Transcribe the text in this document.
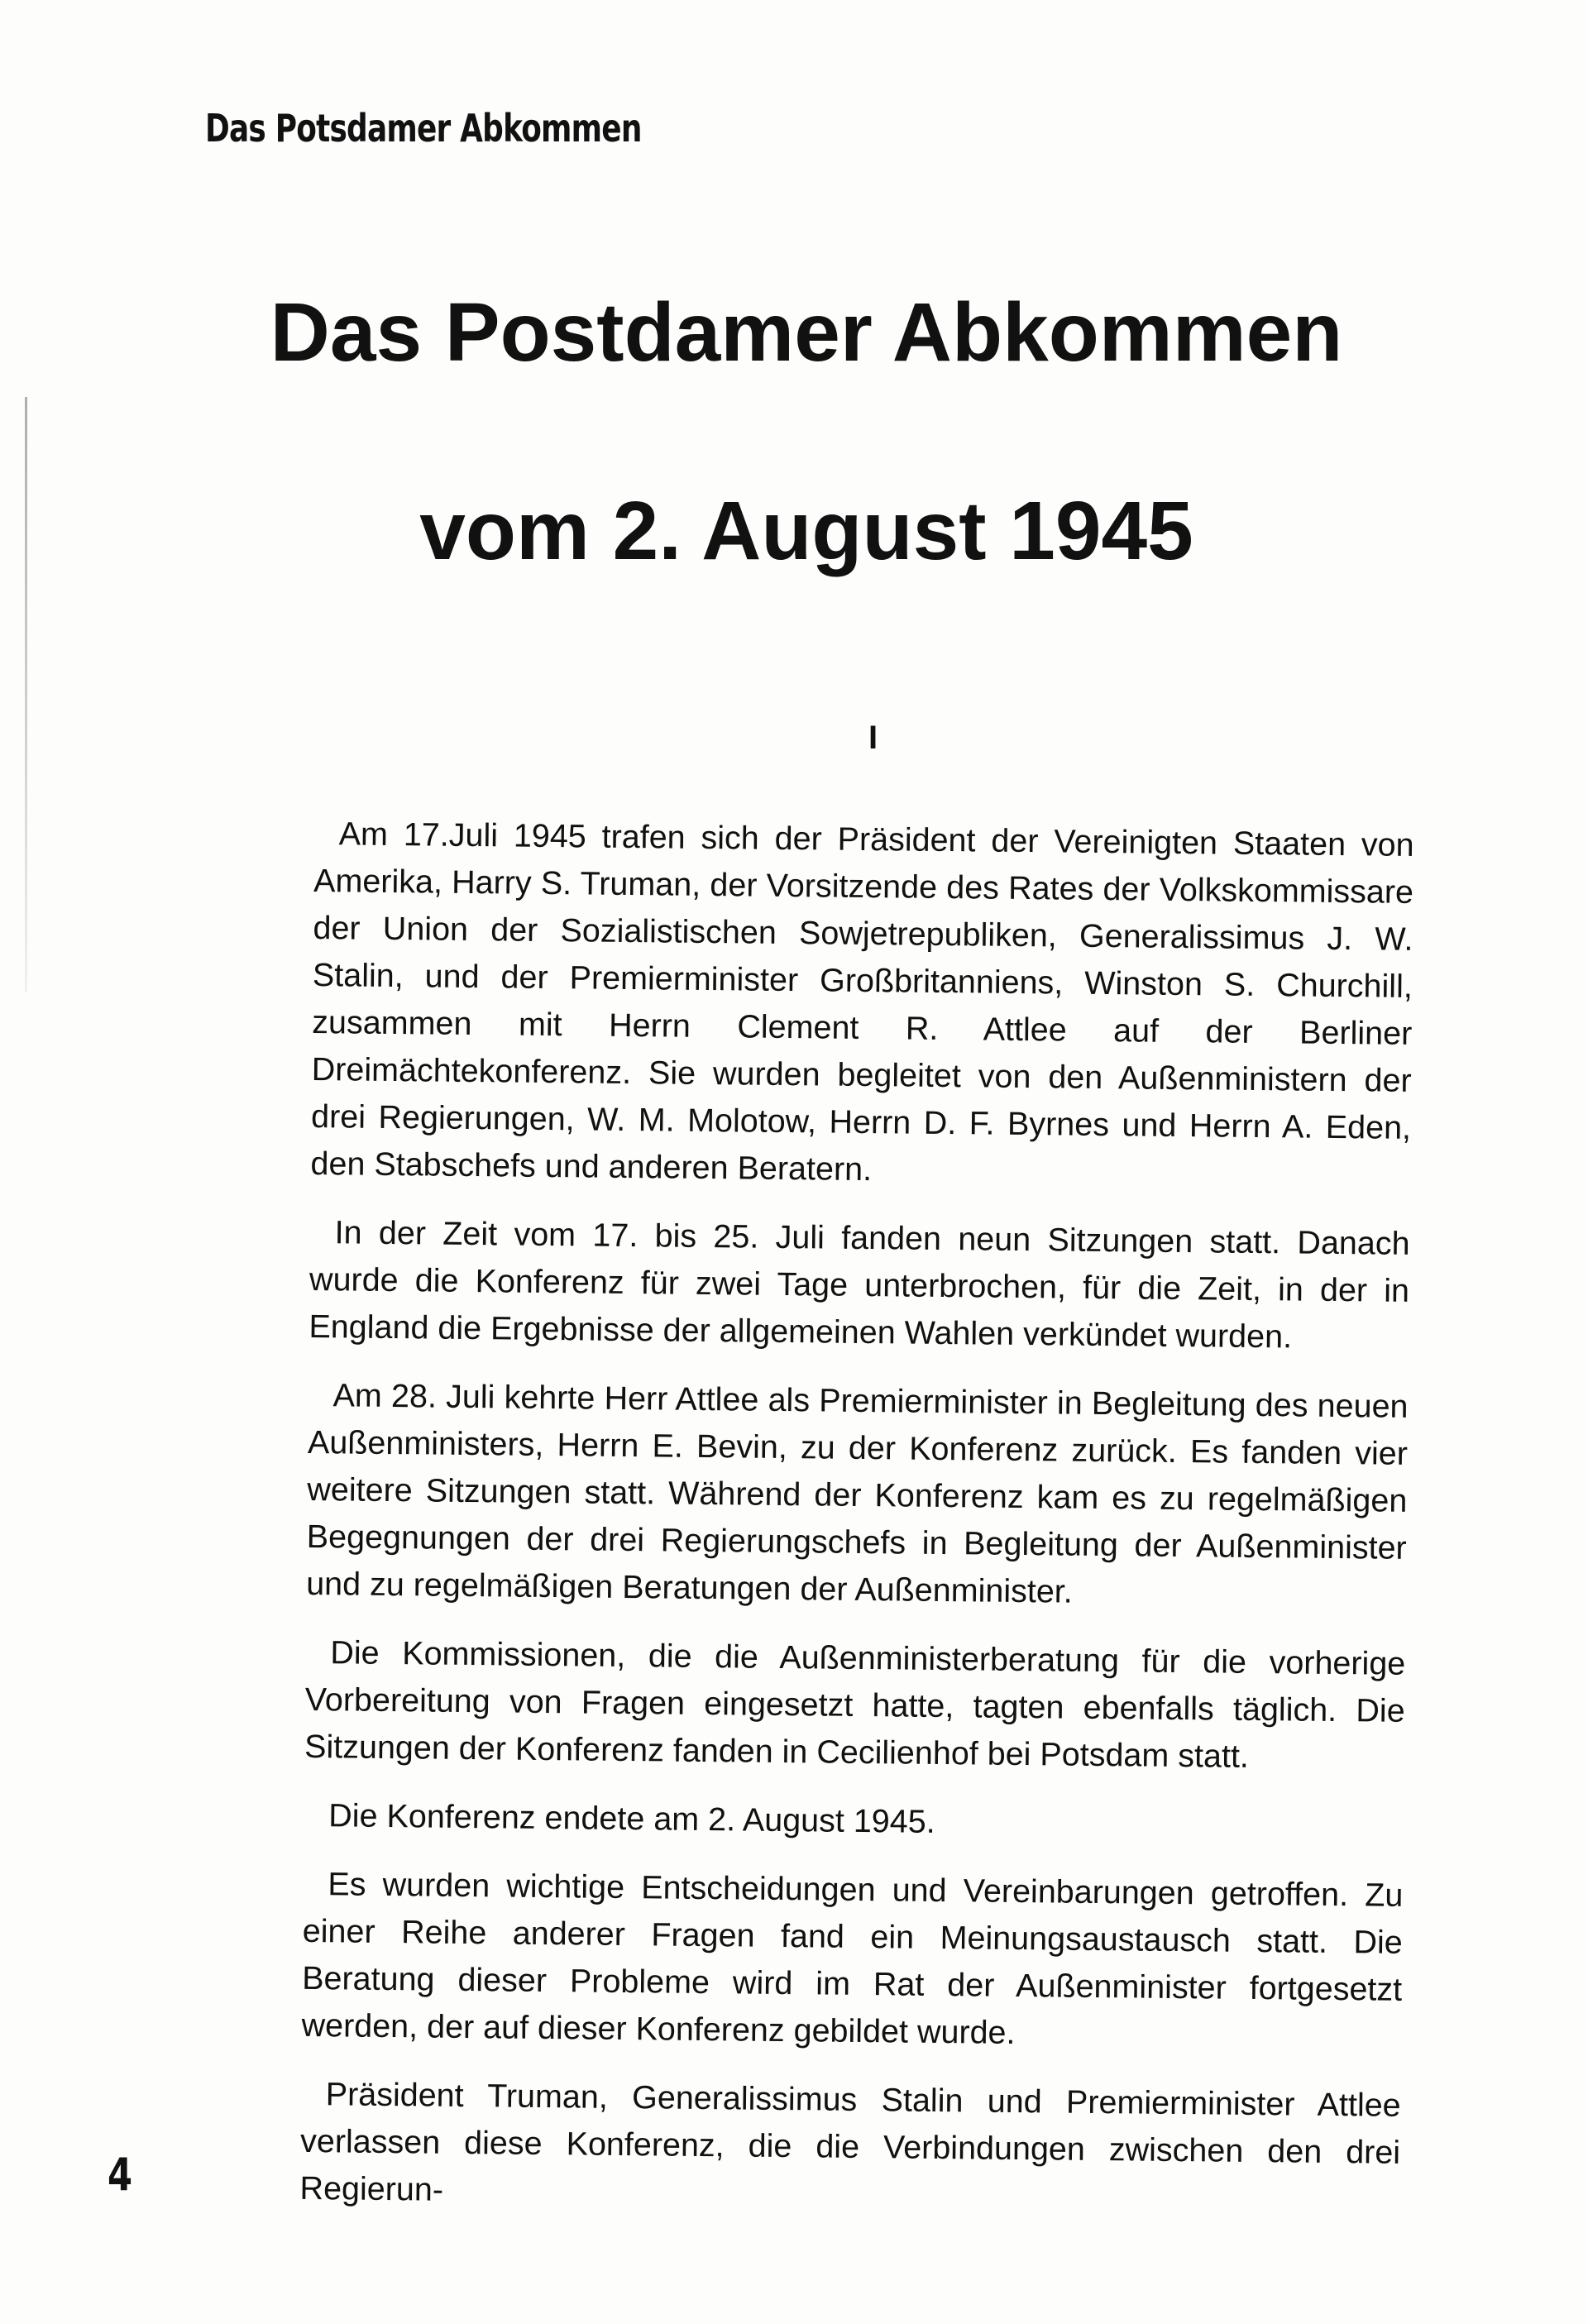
Das Potsdamer Abkommen
Das Postdamer Abkommen
vom 2. August 1945
I

Am 17.Juli 1945 trafen sich der Präsident der Vereinigten Staaten von Amerika, Harry S. Truman, der Vorsitzende des Rates der Volkskommissare der Union der Sozialistischen Sowjetrepubliken, Generalissimus J. W. Stalin, und der Premierminister Großbritanniens, Winston S. Churchill, zusammen mit Herrn Clement R. Attlee auf der Berliner Dreimächtekonferenz. Sie wurden begleitet von den Außenministern der drei Regierungen, W. M. Molotow, Herrn D. F. Byrnes und Herrn A. Eden, den Stabschefs und anderen Beratern.

In der Zeit vom 17. bis 25. Juli fanden neun Sitzungen statt. Danach wurde die Konferenz für zwei Tage unterbrochen, für die Zeit, in der in England die Ergebnisse der allgemeinen Wahlen verkündet wurden.

Am 28. Juli kehrte Herr Attlee als Premierminister in Begleitung des neuen Außenministers, Herrn E. Bevin, zu der Konferenz zurück. Es fanden vier weitere Sitzungen statt. Während der Konferenz kam es zu regelmäßigen Begegnungen der drei Regierungschefs in Begleitung der Außenminister und zu regelmäßigen Beratungen der Außenminister.

Die Kommissionen, die die Außenministerberatung für die vorherige Vorbereitung von Fragen eingesetzt hatte, tagten ebenfalls täglich. Die Sitzungen der Konferenz fanden in Cecilienhof bei Potsdam statt.

Die Konferenz endete am 2. August 1945.

Es wurden wichtige Entscheidungen und Vereinbarungen getroffen. Zu einer Reihe anderer Fragen fand ein Meinungsaustausch statt. Die Beratung dieser Probleme wird im Rat der Außenminister fortgesetzt werden, der auf dieser Konferenz gebildet wurde.

Präsident Truman, Generalissimus Stalin und Premierminister Attlee verlassen diese Konferenz, die die Verbindungen zwischen den drei Regierun-

4
